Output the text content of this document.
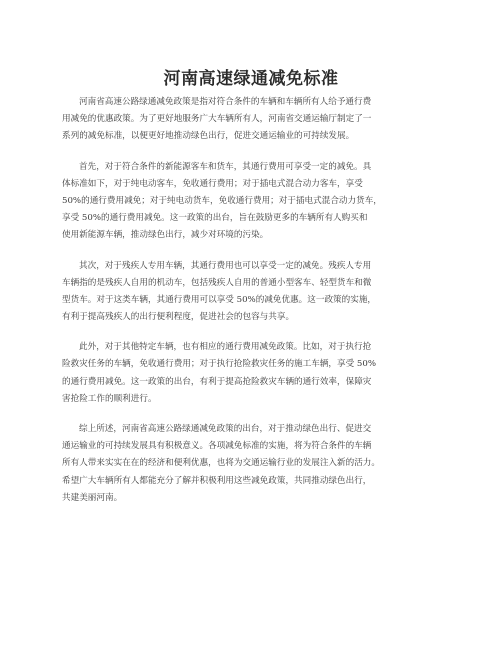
河南高速绿通减免标准
河南省高速公路绿通减免政策是指对符合条件的车辆和车辆所有人给予通行费
用减免的优惠政策。为了更好地服务广大车辆所有人，河南省交通运输厅制定了一
系列的减免标准，以便更好地推动绿色出行，促进交通运输业的可持续发展。
首先，对于符合条件的新能源客车和货车，其通行费用可享受一定的减免。具
体标准如下，对于纯电动客车，免收通行费用；对于插电式混合动力客车，享受
50%的通行费用减免；对于纯电动货车，免收通行费用；对于插电式混合动力货车，
享受 50%的通行费用减免。这一政策的出台，旨在鼓励更多的车辆所有人购买和
使用新能源车辆，推动绿色出行，减少对环境的污染。
其次，对于残疾人专用车辆，其通行费用也可以享受一定的减免。残疾人专用
车辆指的是残疾人自用的机动车，包括残疾人自用的普通小型客车、轻型货车和微
型货车。对于这类车辆，其通行费用可以享受 50%的减免优惠。这一政策的实施，
有利于提高残疾人的出行便利程度，促进社会的包容与共享。
此外，对于其他特定车辆，也有相应的通行费用减免政策。比如，对于执行抢
险救灾任务的车辆，免收通行费用；对于执行抢险救灾任务的施工车辆，享受 50%
的通行费用减免。这一政策的出台，有利于提高抢险救灾车辆的通行效率，保障灾
害抢险工作的顺利进行。
综上所述，河南省高速公路绿通减免政策的出台，对于推动绿色出行、促进交
通运输业的可持续发展具有积极意义。各项减免标准的实施，将为符合条件的车辆
所有人带来实实在在的经济和便利优惠，也将为交通运输行业的发展注入新的活力。
希望广大车辆所有人都能充分了解并积极利用这些减免政策，共同推动绿色出行，
共建美丽河南。
